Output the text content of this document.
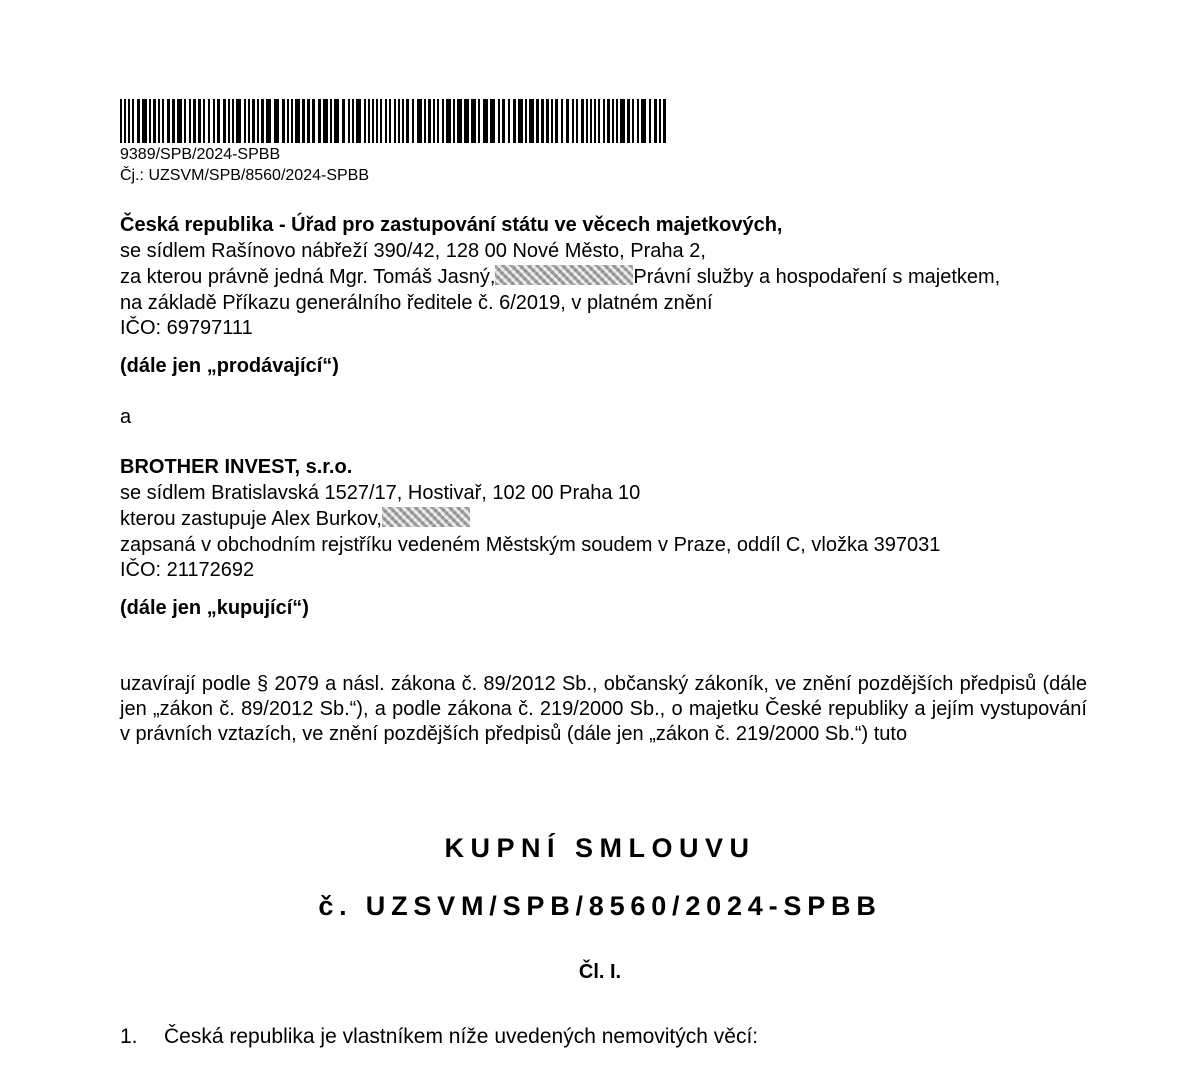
9389/SPB/2024-SPBB
Čj.: UZSVM/SPB/8560/2024-SPBB
Česká republika - Úřad pro zastupování státu ve věcech majetkových,
se sídlem Rašínovo nábřeží 390/42, 128 00 Nové Město, Praha 2,
za kterou právně jedná Mgr. Tomáš Jasný,	Právní služby a hospodaření s majetkem,
na základě Příkazu generálního ředitele č. 6/2019, v platném znění
IČO: 69797111
(dále jen „prodávající“)
a
BROTHER INVEST, s.r.o.
se sídlem Bratislavská 1527/17, Hostivař, 102 00 Praha 10
kterou zastupuje Alex Burkov,
zapsaná v obchodním rejstříku vedeném Městským soudem v Praze, oddíl C, vložka 397031
IČO: 21172692
(dále jen „kupující“)
uzavírají podle § 2079 a násl. zákona č. 89/2012 Sb., občanský zákoník, ve znění pozdějších předpisů (dále jen „zákon č. 89/2012 Sb.“), a podle zákona č. 219/2000 Sb., o majetku České republiky a jejím vystupování v právních vztazích, ve znění pozdějších předpisů (dále jen „zákon č. 219/2000 Sb.“) tuto
KUPNÍ SMLOUVU
č. UZSVM/SPB/8560/2024-SPBB
Čl. I.
1. Česká republika je vlastníkem níže uvedených nemovitých věcí:
